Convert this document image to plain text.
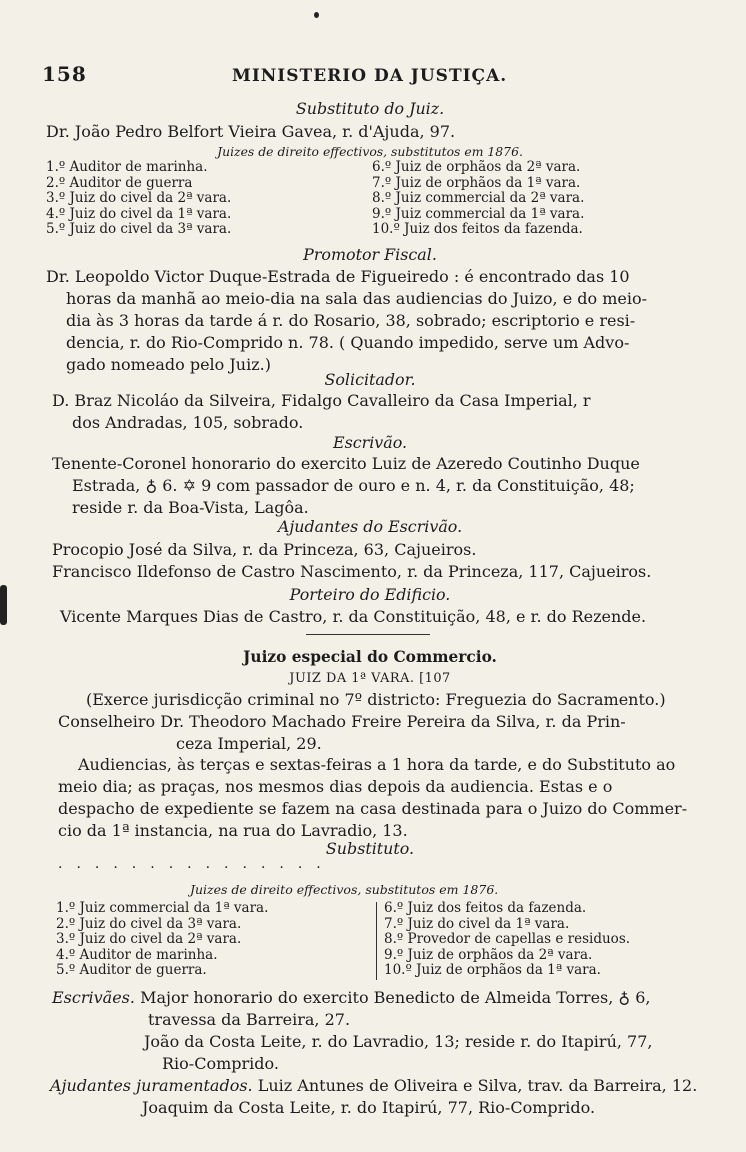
158	MINISTERIO DA JUSTIÇA.
Substituto do Juiz.
Dr. João Pedro Belfort Vieira Gavea, r. d'Ajuda, 97.
Juizes de direito effectivos, substitutos em 1876.
1.º Auditor de marinha.
2.º Auditor de guerra
3.º Juiz do civel da 2ª vara.
4.º Juiz do civel da 1ª vara.
5.º Juiz do civel da 3ª vara.
6.º Juiz de orphãos da 2ª vara.
7.º Juiz de orphãos da 1ª vara.
8.º Juiz commercial da 2ª vara.
9.º Juiz commercial da 1ª vara.
10.º Juiz dos feitos da fazenda.
Promotor Fiscal.
Dr. Leopoldo Victor Duque-Estrada de Figueiredo : é encontrado das 10
horas da manhã ao meio-dia na sala das audiencias do Juizo, e do meio-
dia às 3 horas da tarde á r. do Rosario, 38, sobrado; escriptorio e resi-
dencia, r. do Rio-Comprido n. 78. ( Quando impedido, serve um Advo-
gado nomeado pelo Juiz.)
Solicitador.
D. Braz Nicoláo da Silveira, Fidalgo Cavalleiro da Casa Imperial, r
dos Andradas, 105, sobrado.
Escrivão.
Tenente-Coronel honorario do exercito Luiz de Azeredo Coutinho Duque
Estrada, ♁ 6. ✡ 9 com passador de ouro e n. 4, r. da Constituição, 48;
reside r. da Boa-Vista, Lagôa.
Ajudantes do Escrivão.
Procopio José da Silva, r. da Princeza, 63, Cajueiros.
Francisco Ildefonso de Castro Nascimento, r. da Princeza, 117, Cajueiros.
Porteiro do Edificio.
Vicente Marques Dias de Castro, r. da Constituição, 48, e r. do Rezende.
Juizo especial do Commercio.
JUIZ DA 1ª VARA. [107
(Exerce jurisdicção criminal no 7º districto: Freguezia do Sacramento.)
Conselheiro Dr. Theodoro Machado Freire Pereira da Silva, r. da Prin-
ceza Imperial, 29.
Audiencias, às terças e sextas-feiras a 1 hora da tarde, e do Substituto ao
meio dia; as praças, nos mesmos dias depois da audiencia. Estas e o
despacho de expediente se fazem na casa destinada para o Juizo do Commer-
cio da 1ª instancia, na rua do Lavradio, 13.
Substituto.
...............
Juizes de direito effectivos, substitutos em 1876.
1.º Juiz commercial da 1ª vara.
2.º Juiz do civel da 3ª vara.
3.º Juiz do civel da 2ª vara.
4.º Auditor de marinha.
5.º Auditor de guerra.
6.º Juiz dos feitos da fazenda.
7.º Juiz do civel da 1ª vara.
8.º Provedor de capellas e residuos.
9.º Juiz de orphãos da 2ª vara.
10.º Juiz de orphãos da 1ª vara.
Escrivães. Major honorario do exercito Benedicto de Almeida Torres, ♁ 6,
travessa da Barreira, 27.
João da Costa Leite, r. do Lavradio, 13; reside r. do Itapirú, 77,
Rio-Comprido.
Ajudantes juramentados. Luiz Antunes de Oliveira e Silva, trav. da Barreira, 12.
Joaquim da Costa Leite, r. do Itapirú, 77, Rio-Comprido.
